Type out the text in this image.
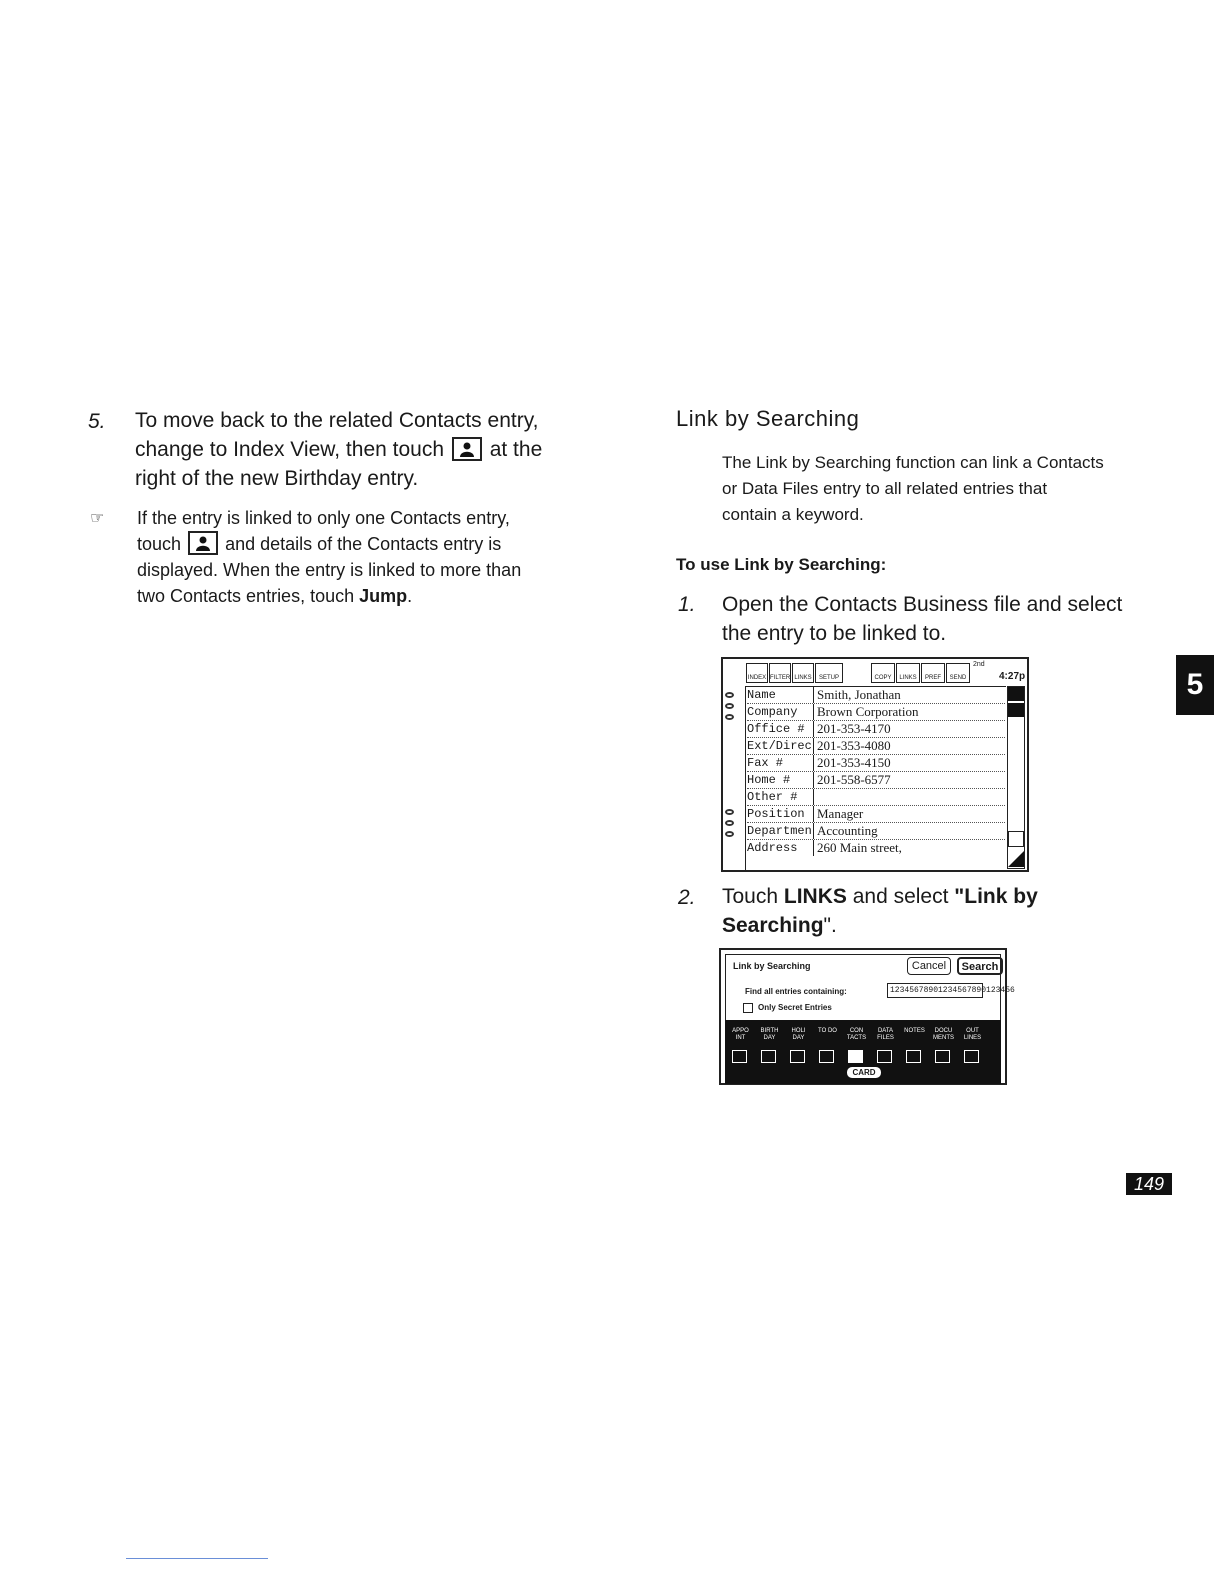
5. To move back to the related Contacts entry,
change to Index View, then touch at the
right of the new Birthday entry.
☞ If the entry is linked to only one Contacts entry,
touch and details of the Contacts entry is
displayed. When the entry is linked to more than
two Contacts entries, touch Jump.
Link by Searching
The Link by Searching function can link a Contacts
or Data Files entry to all related entries that
contain a keyword.
To use Link by Searching:
1. Open the Contacts Business file and select
the entry to be linked to.
INDEX FILTER LINKS	SETUP	COPY	LINKS	PREF	SEND
2nd
4:27p
Name	Smith, Jonathan
Company	Brown Corporation
Office # 201-353-4170
Ext/Direc 201-353-4080
Fax #	201-353-4150
Home #	201-558-6577
Other #
Position Manager
Departmen Accounting
Address	260 Main street,
2. Touch LINKS and select "Link by
Searching".
Link by Searching	Cancel	Search
Find all entries containing:	12345678901234567890123456
Only Secret Entries
APPO INT
BIRTH DAY
HOLI DAY
TO DO	CON TACTS
DATA FILES
NOTES	DOCU MENTS
OUT LINES
CARD
5
149
